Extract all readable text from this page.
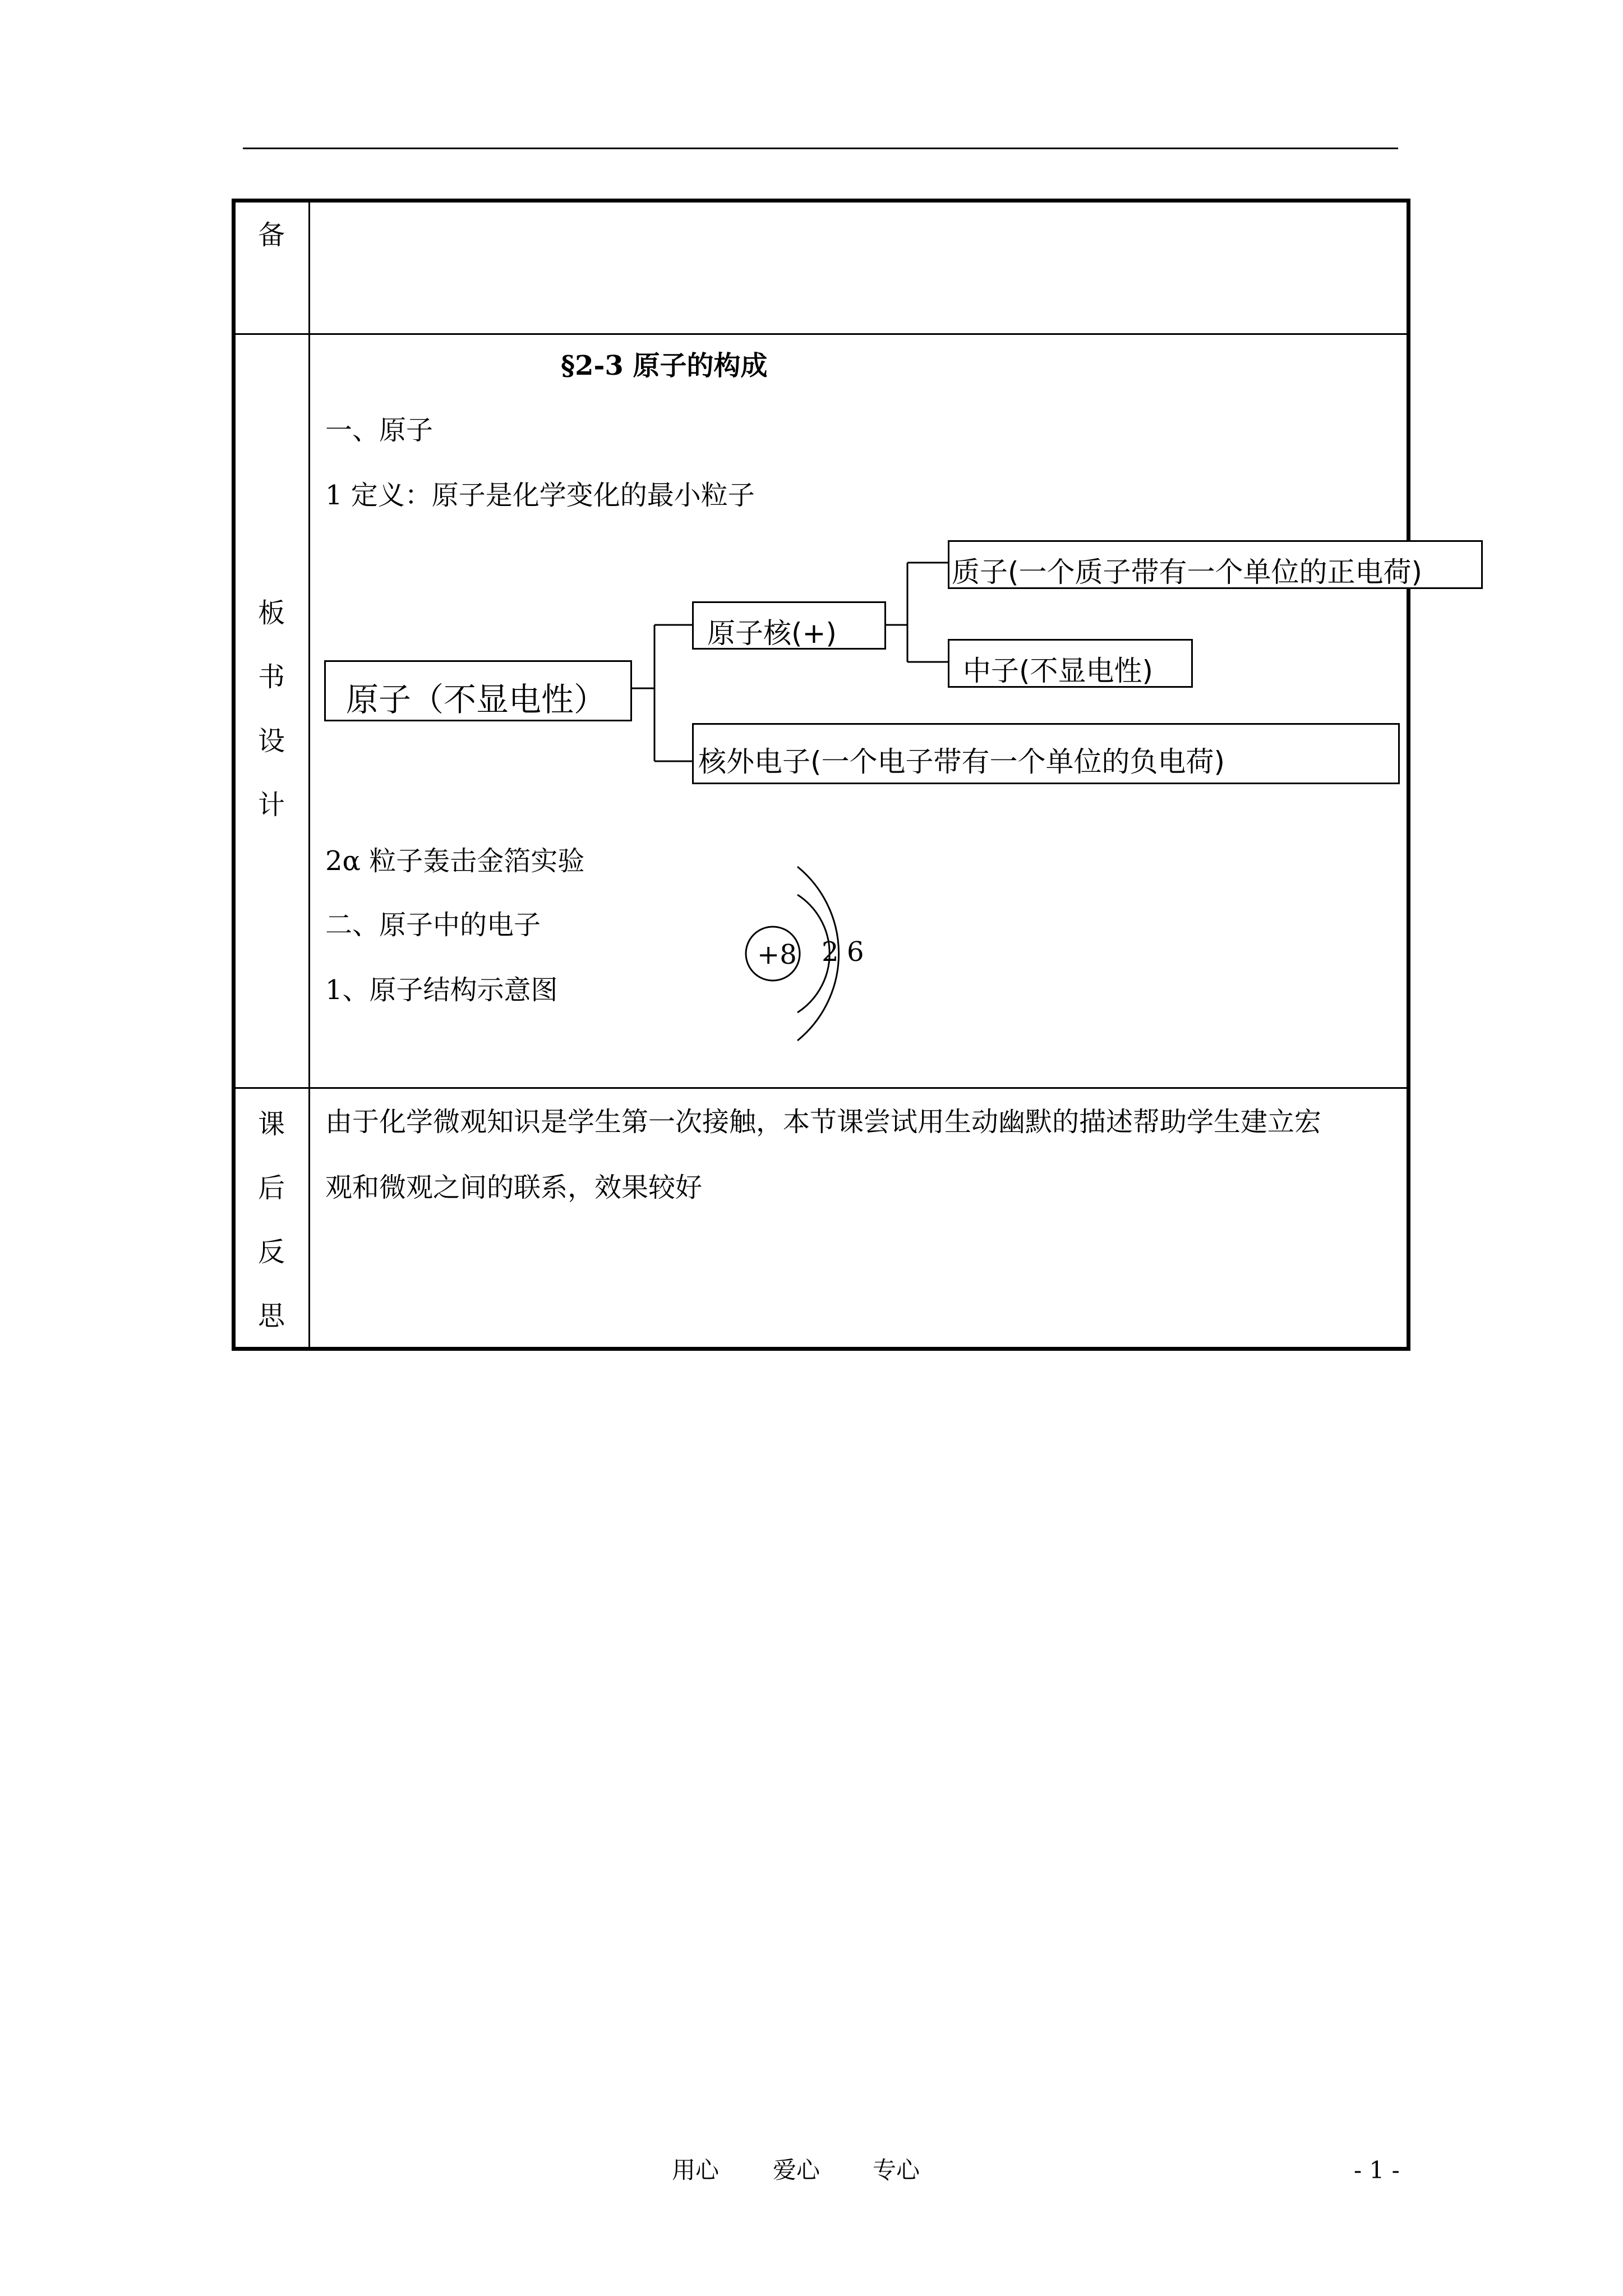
备
板
书
设
计
课
后
反
思
§2-3 原子的构成
一、原子
1 定义：原子是化学变化的最小粒子
原子（不显电性）
原子核(+)
质子(一个质子带有一个单位的正电荷)
中子(不显电性)
核外电子(一个电子带有一个单位的负电荷)
2α 粒子轰击金箔实验
二、原子中的电子
1、原子结构示意图
+8 2 6
由于化学微观知识是学生第一次接触，本节课尝试用生动幽默的描述帮助学生建立宏
观和微观之间的联系，效果较好
用心 爱心 专心	- 1 -
